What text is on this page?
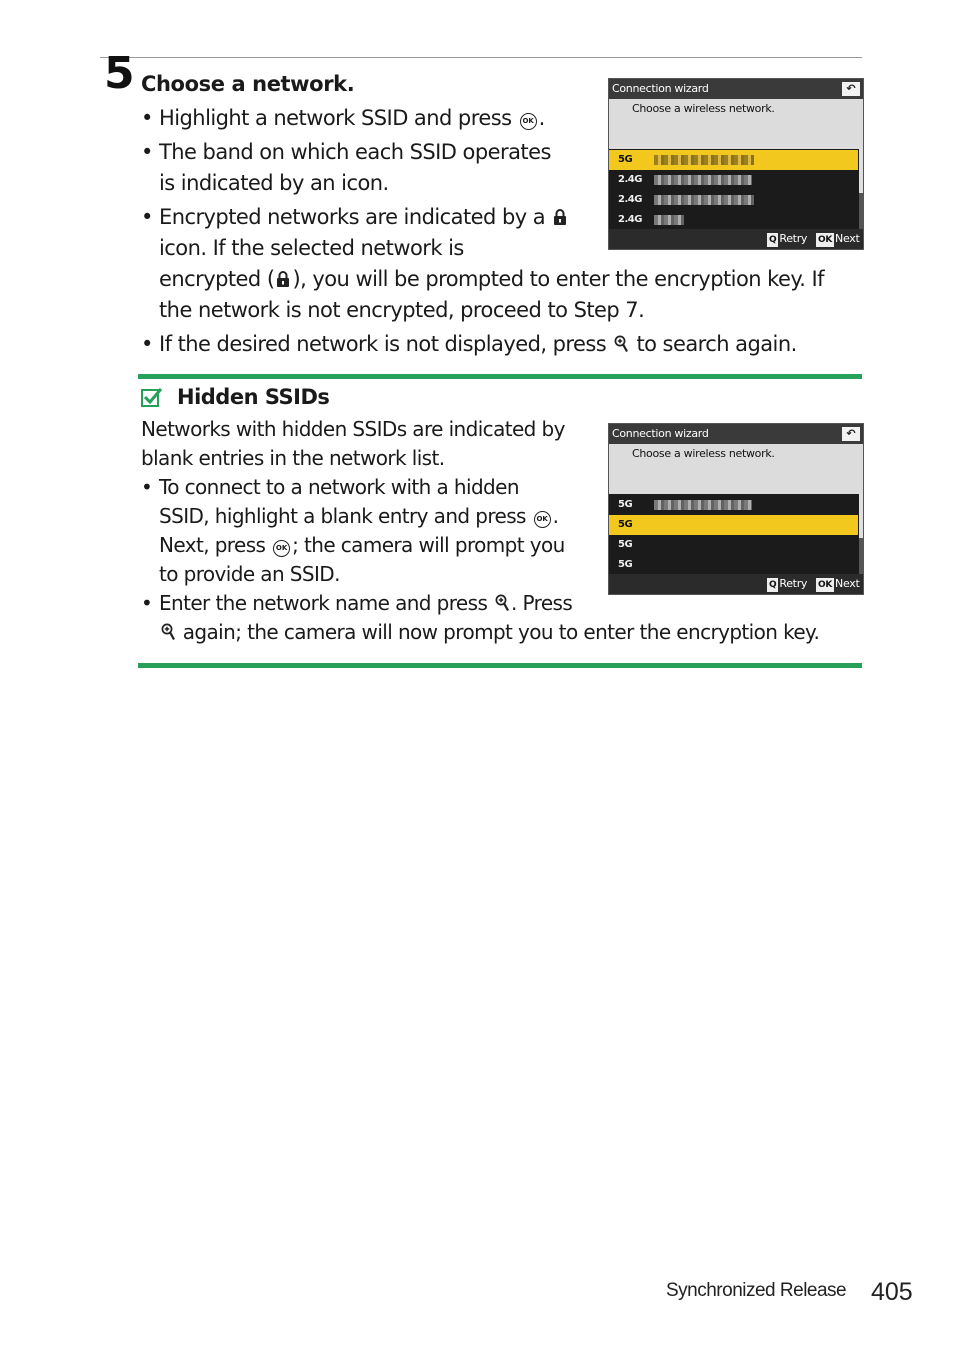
5 Choose a network.
• Highlight a network SSID and press OK .
• The band on which each SSID operates
is indicated by an icon.
• Encrypted networks are indicated by a
icon. If the selected network is
encrypted ( ), you will be prompted to enter the encryption key. If
the network is not encrypted, proceed to Step 7.
• If the desired network is not displayed, press to search again.
Connection wizard	↶
Choose a wireless network.
5G
2.4G
2.4G
2.4G
Q Retry OK Next
Hidden SSIDs
Networks with hidden SSIDs are indicated by
blank entries in the network list.
• To connect to a network with a hidden
SSID, highlight a blank entry and press OK .
Next, press OK ; the camera will prompt you
to provide an SSID.
• Enter the network name and press . Press
again; the camera will now prompt you to enter the encryption key.
Connection wizard	↶
Choose a wireless network.
5G
5G
5G
5G
Q Retry OK Next
Synchronized Release 405
